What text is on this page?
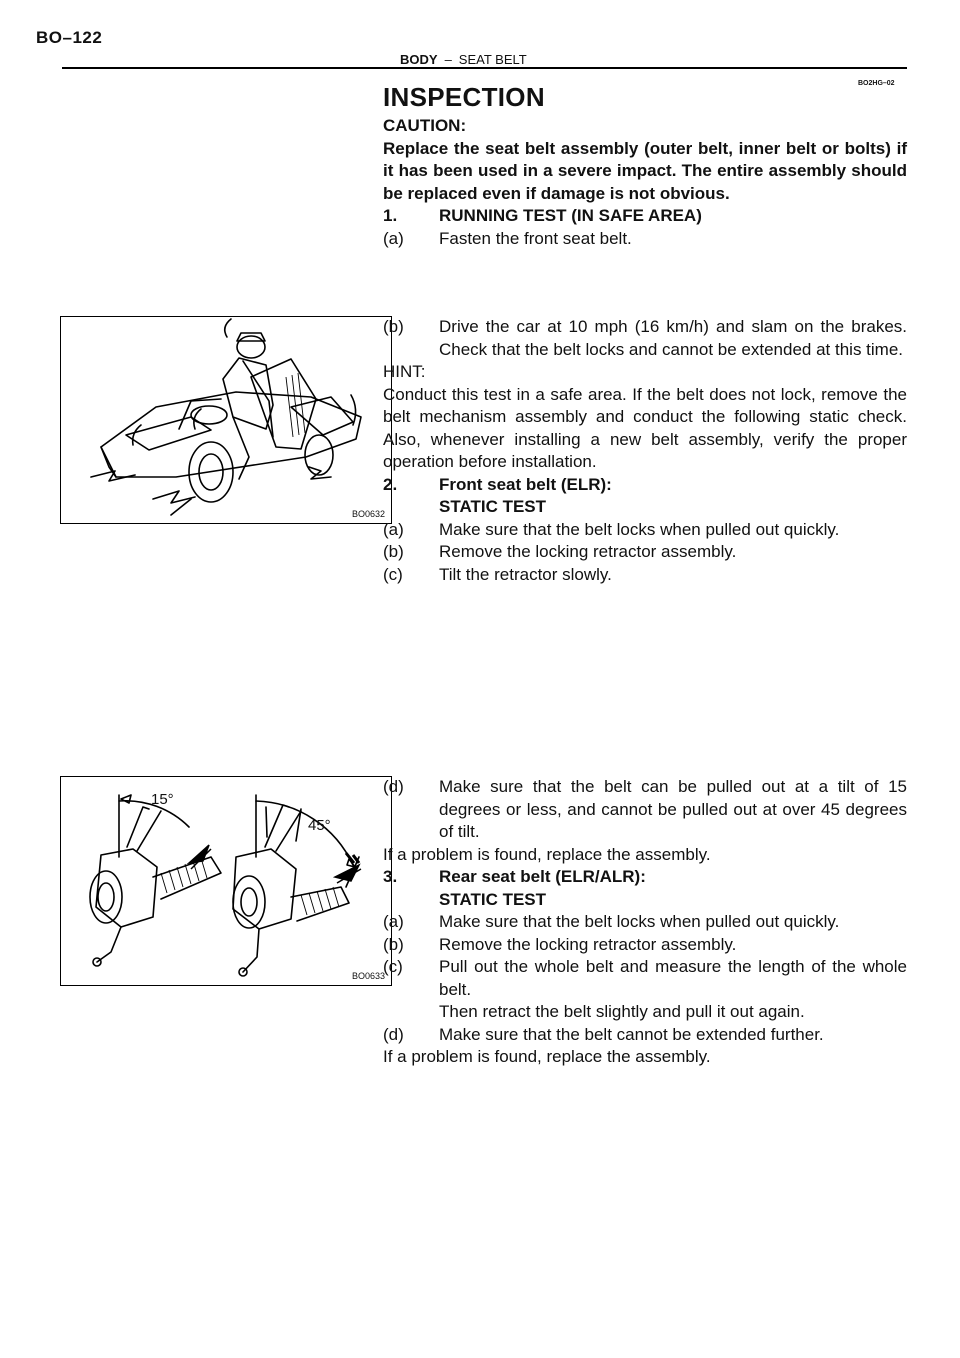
BO–122
BODY – SEAT BELT
BO2HG–02

INSPECTION

CAUTION:

Replace the seat belt assembly (outer belt, inner belt or bolts) if it has been used in a severe impact. The entire assembly should be replaced even if damage is not obvious.

1.	RUNNING TEST (IN SAFE AREA)
(a)	Fasten the front seat belt.
BO0632
(b)	Drive the car at 10 mph (16 km/h) and slam on the brakes. Check that the belt locks and cannot be extended at this time.

HINT:

Conduct this test in a safe area. If the belt does not lock, remove the belt mechanism assembly and conduct the following static check. Also, whenever installing a new belt assembly, verify the proper operation before installation.

2.	Front seat belt (ELR):

STATIC TEST

(a)	Make sure that the belt locks when pulled out quickly.
(b)	Remove the locking retractor assembly.
(c)	Tilt the retractor slowly.
15°
45°
BO0633
(d)	Make sure that the belt can be pulled out at a tilt of 15 degrees or less, and cannot be pulled out at over 45 degrees of tilt.

If a problem is found, replace the assembly.

3.	Rear seat belt (ELR/ALR):

STATIC TEST

(a)	Make sure that the belt locks when pulled out quickly.
(b)	Remove the locking retractor assembly.
(c)	Pull out the whole belt and measure the length of the whole belt.

Then retract the belt slightly and pull it out again.

(d)	Make sure that the belt cannot be extended further.

If a problem is found, replace the assembly.
